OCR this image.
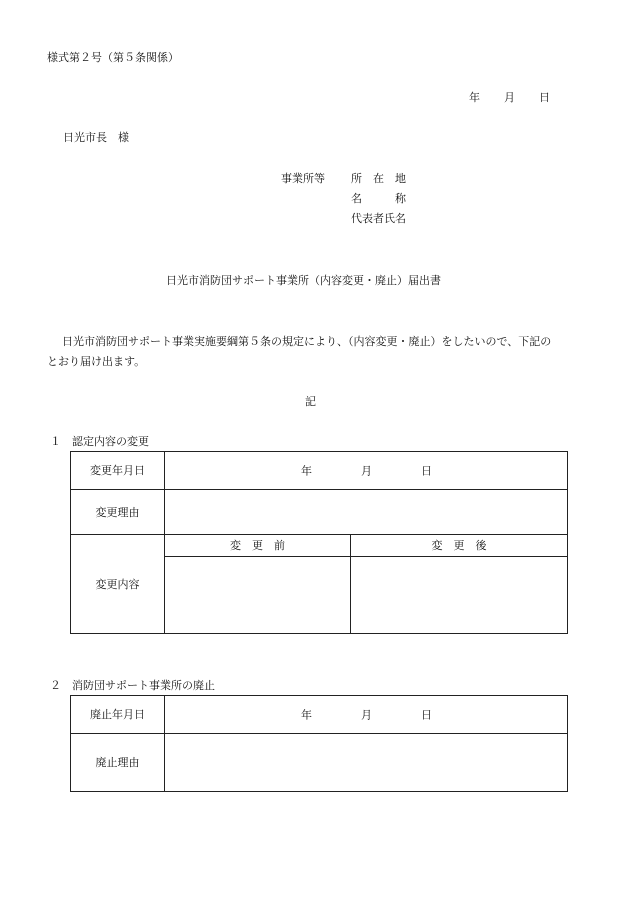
様式第２号（第５条関係）
年 月 日
日光市長　様
事業所等 所　在　地
名　　　称
代表者氏名
日光市消防団サポート事業所（内容変更・廃止）届出書
日光市消防団サポート事業実施要綱第５条の規定により、（内容変更・廃止）をしたいので、下記の
とおり届け出ます。
記
１　認定内容の変更
変更年月日	年 月 日	

変更理由		
変更内容	変　更　前	変　更　後

２　消防団サポート事業所の廃止
廃止年月日	年 月 日

廃止理由	
